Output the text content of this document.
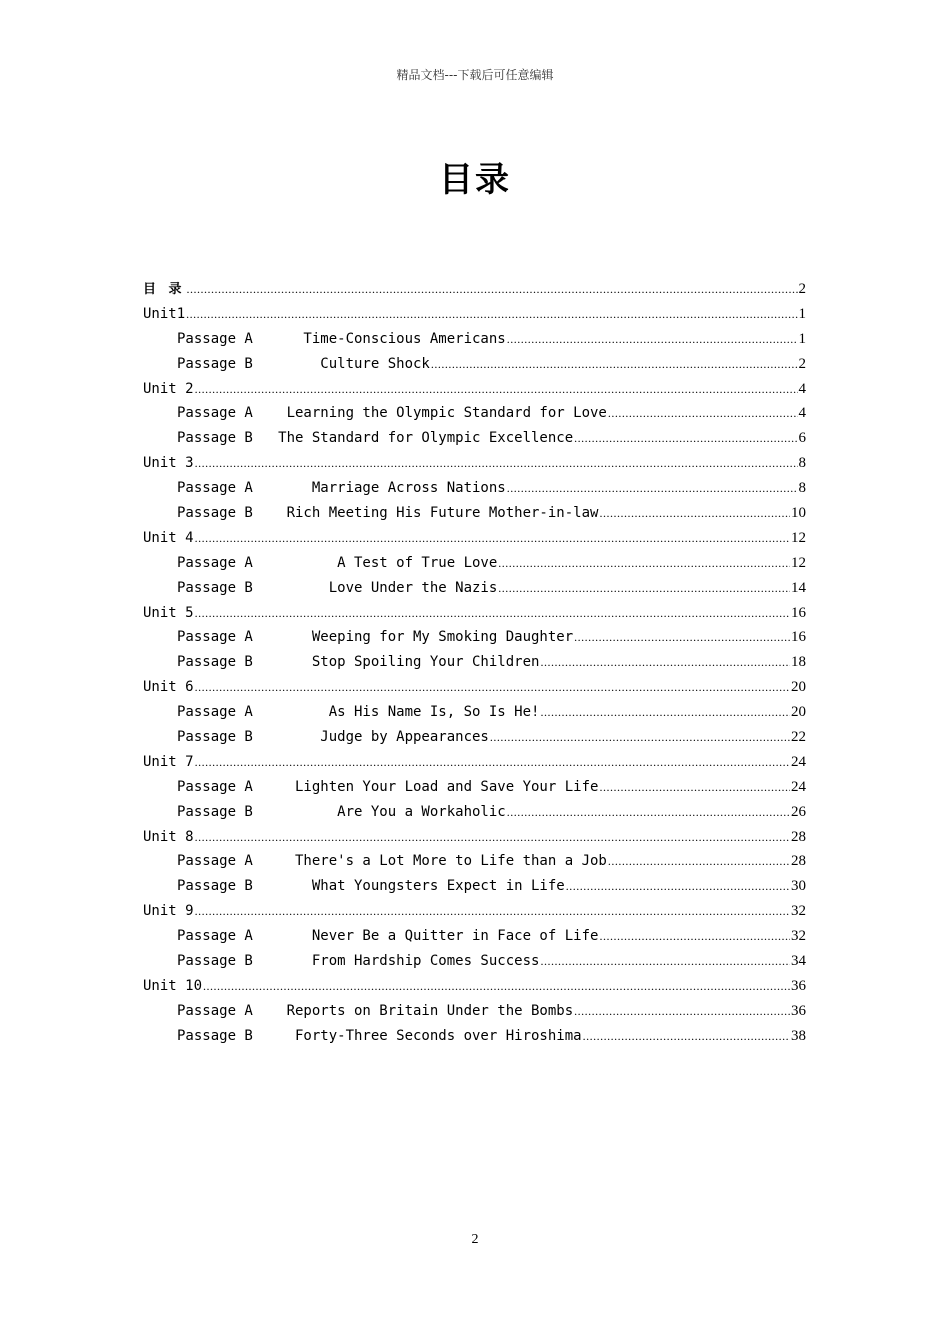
精品文档---下载后可任意编辑
目录
目 录 .....	2
Unit1 .....	1
Passage A      Time-Conscious Americans .....	1
Passage B        Culture Shock .....	2
Unit 2 .....	4
Passage A    Learning the Olympic Standard for Love .....	4
Passage B   The Standard for Olympic Excellence .....	6
Unit 3 .....	8
Passage A       Marriage Across Nations .....	8
Passage B    Rich Meeting His Future Mother-in-law .....	10
Unit 4 .....	12
Passage A          A Test of True Love .....	12
Passage B         Love Under the Nazis .....	14
Unit 5 .....	16
Passage A       Weeping for My Smoking Daughter .....	16
Passage B       Stop Spoiling Your Children .....	18
Unit 6 .....	20
Passage A         As His Name Is, So Is He! .....	20
Passage B        Judge by Appearances .....	22
Unit 7 .....	24
Passage A     Lighten Your Load and Save Your Life .....	24
Passage B          Are You a Workaholic .....	26
Unit 8 .....	28
Passage A     There's a Lot More to Life than a Job .....	28
Passage B       What Youngsters Expect in Life .....	30
Unit 9 .....	32
Passage A       Never Be a Quitter in Face of Life .....	32
Passage B       From Hardship Comes Success .....	34
Unit 10 .....	36
Passage A    Reports on Britain Under the Bombs .....	36
Passage B     Forty-Three Seconds over Hiroshima .....	38
2
